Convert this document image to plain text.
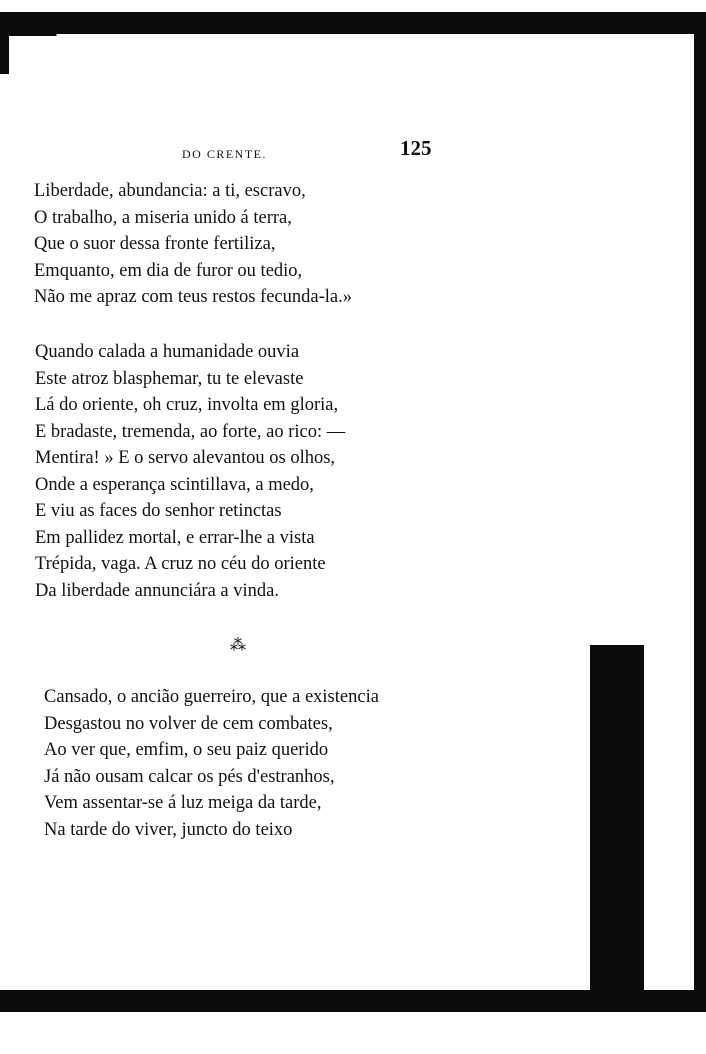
DO CRENTE.	125
Liberdade, abundancia: a ti, escravo,
O trabalho, a miseria unido á terra,
Que o suor dessa fronte fertiliza,
Emquanto, em dia de furor ou tedio,
Não me apraz com teus restos fecunda-la.»
Quando calada a humanidade ouvia
Este atroz blasphemar, tu te elevaste
Lá do oriente, oh cruz, involta em gloria,
E bradaste, tremenda, ao forte, ao rico: —
Mentira! » E o servo alevantou os olhos,
Onde a esperança scintillava, a medo,
E viu as faces do senhor retinctas
Em pallidez mortal, e errar-lhe a vista
Trépida, vaga. A cruz no céu do oriente
Da liberdade annunciára a vinda.
⁂
Cansado, o ancião guerreiro, que a existencia
Desgastou no volver de cem combates,
Ao ver que, emfim, o seu paiz querido
Já não ousam calcar os pés d'estranhos,
Vem assentar-se á luz meiga da tarde,
Na tarde do viver, juncto do teixo
